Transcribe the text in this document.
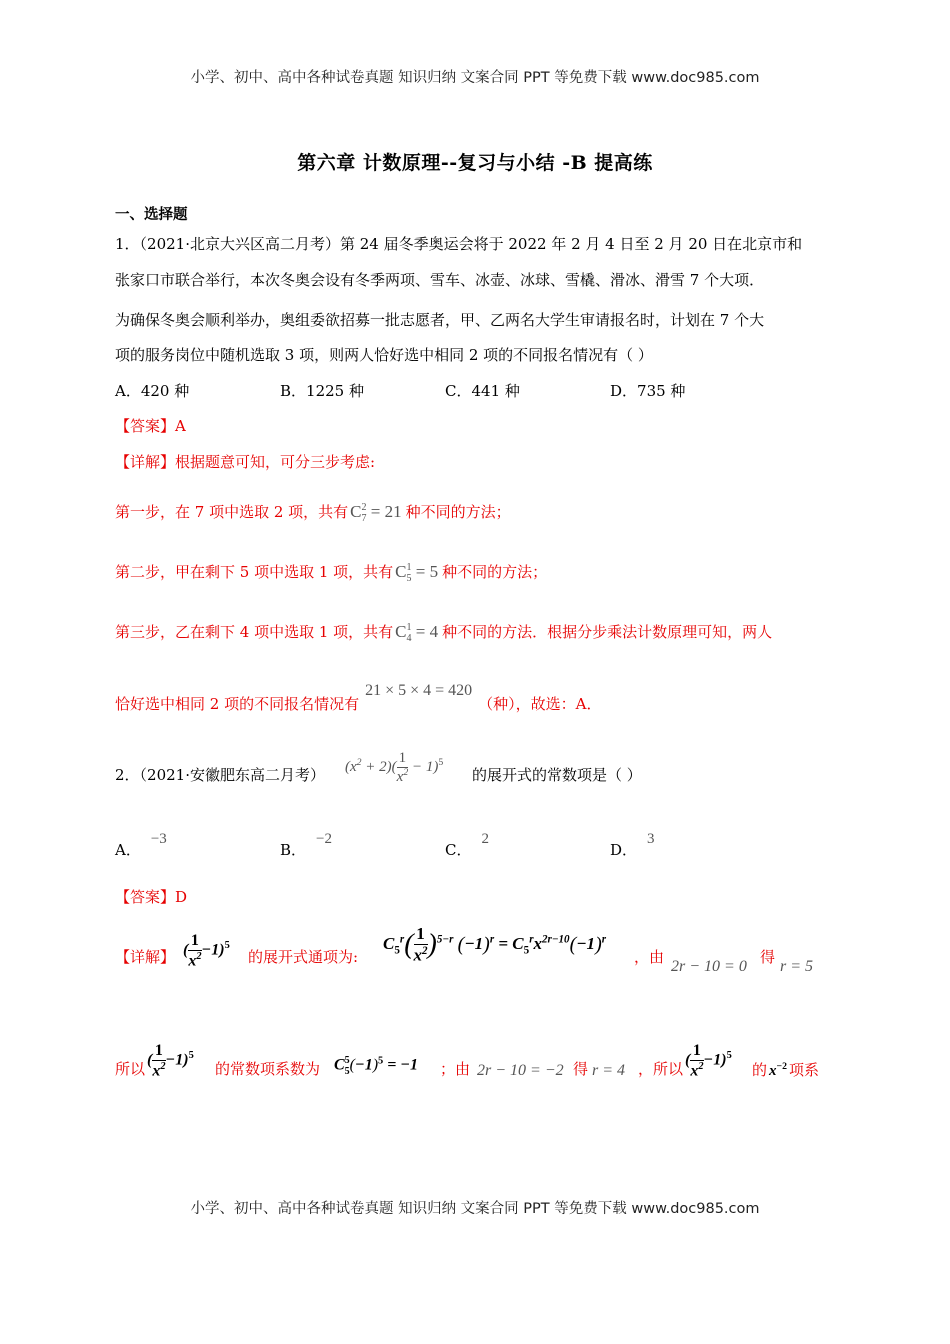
小学、初中、高中各种试卷真题 知识归纳 文案合同 PPT 等免费下载 www.doc985.com
第六章 计数原理--复习与小结 -B 提高练
一、选择题
1．（2021·北京大兴区高二月考）第 24 届冬季奥运会将于 2022 年 2 月 4 日至 2 月 20 日在北京市和
张家口市联合举行，本次冬奥会设有冬季两项、雪车、冰壶、冰球、雪橇、滑冰、滑雪 7 个大项．
为确保冬奥会顺利举办，奥组委欲招募一批志愿者，甲、乙两名大学生审请报名时，计划在 7 个大
项的服务岗位中随机选取 3 项，则两人恰好选中相同 2 项的不同报名情况有（ ）
A．420 种	B．1225 种	C．441 种	D．735 种
【答案】A
【详解】根据题意可知，可分三步考虑:
第一步，在 7 项中选取 2 项，共有 C 2
7 = 21 种不同的方法；
第二步，甲在剩下 5 项中选取 1 项，共有 C 1
5 = 5 种不同的方法；
第三步，乙在剩下 4 项中选取 1 项，共有 C 1
4 = 4 种不同的方法．根据分步乘法计数原理可知，两人
恰好选中相同 2 项的不同报名情况有21 × 5 × 4 = 420（种），故选：A．
2．（2021·安徽肥东高二月考） $(x^2 + 2)( \frac{1}{x^2} - 1)^5$
的展开式的常数项是（ ）
A．−3
B．−2
C．2
D．3
【答案】D
【详解】 ( $\frac{1}{x^2} -1)^5$
的展开式通项为:
$C_5^r( \frac{1}{x^2} )^{5-r}$ $(-1)^r = C_5^rx^{2r-10}(-1)^r$
，由
2r − 10 = 0
得
r = 5
所以
( $\frac{1}{x^2} -1)^5$
的常数项系数为 C 5
5 $(-1)^5 = -1$ ；由 2r − 10 = −2 得 r = 4 ，所以
( $\frac{1}{x^2} -1)^5$
的 $x^{-2}$ 项系
小学、初中、高中各种试卷真题 知识归纳 文案合同 PPT 等免费下载 www.doc985.com
